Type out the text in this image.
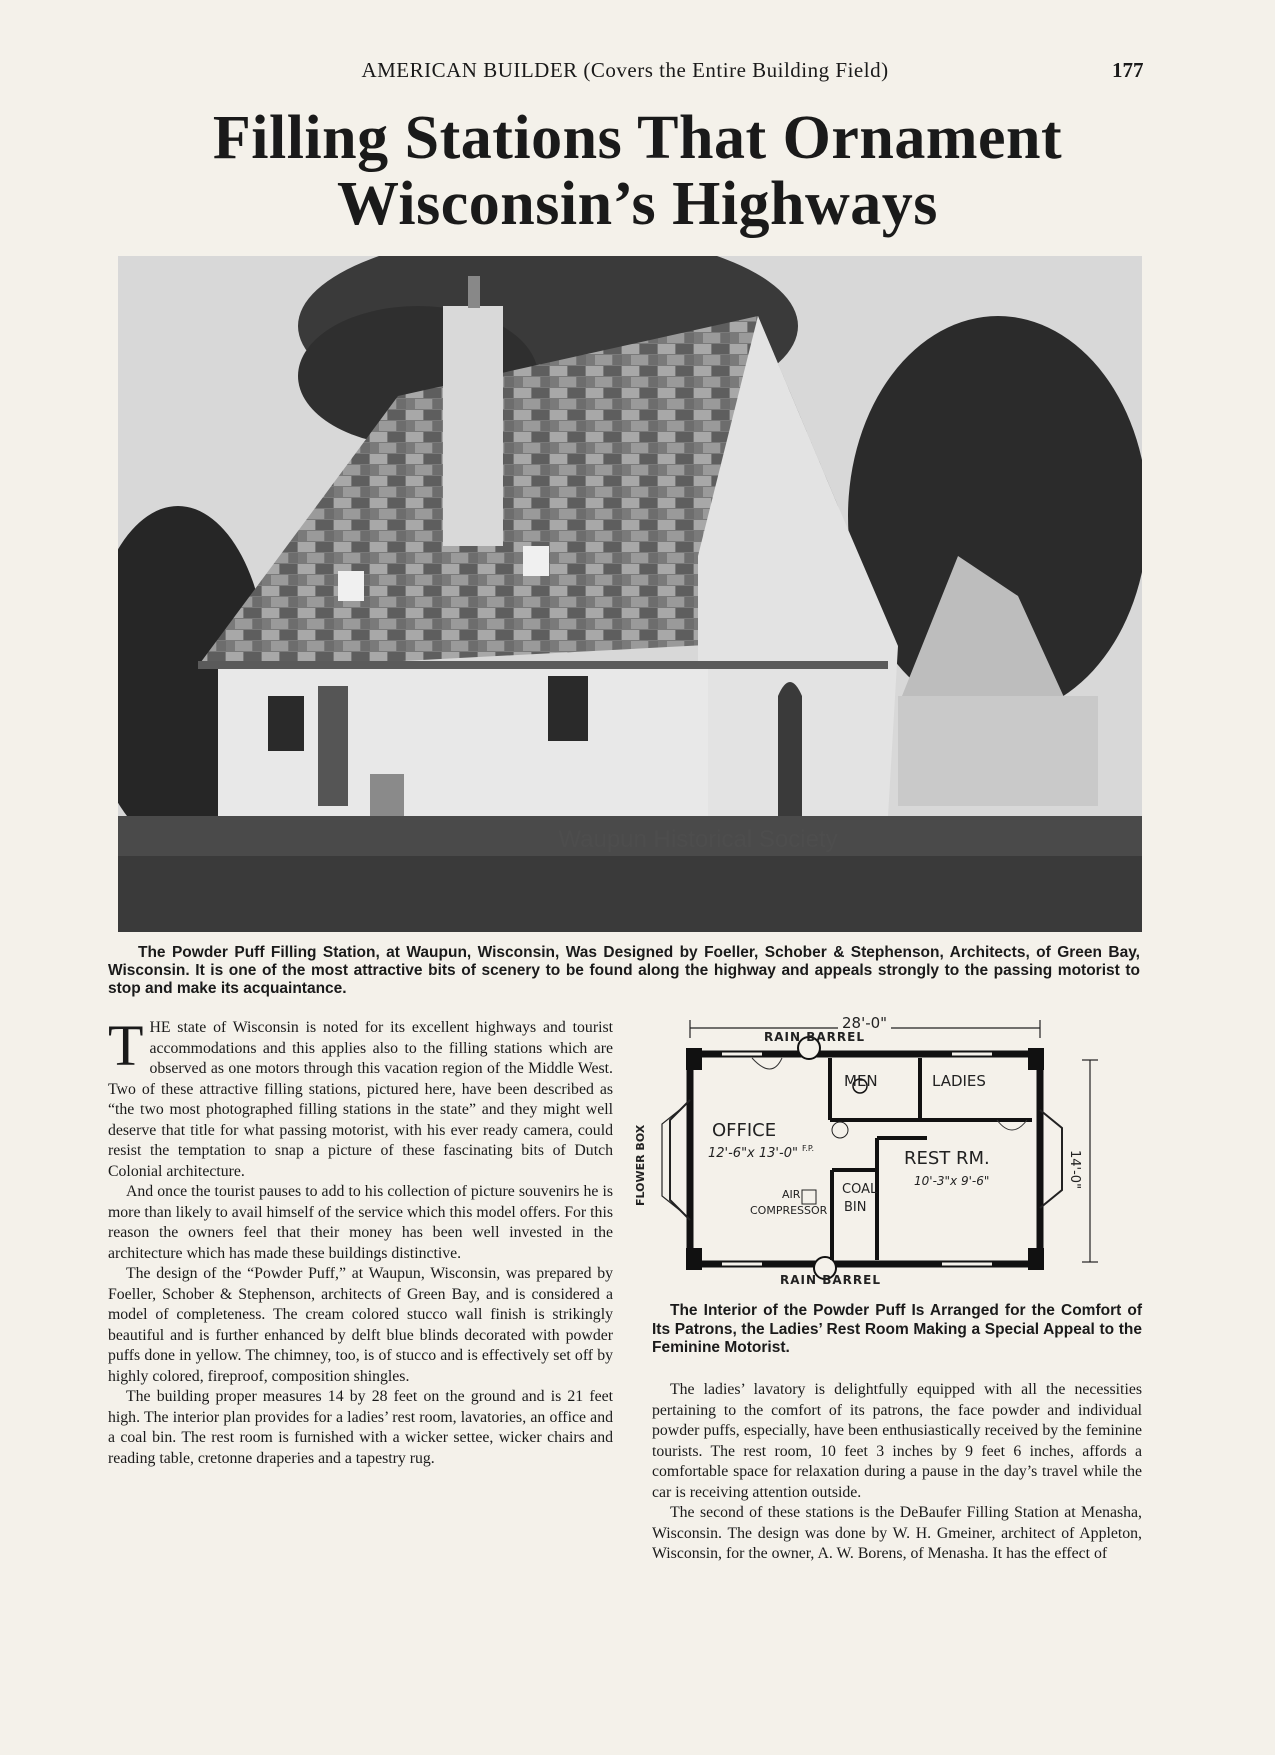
AMERICAN BUILDER (Covers the Entire Building Field)	177
Filling Stations That Ornament
Wisconsin’s Highways
Waupun Historical Society

The Powder Puff Filling Station, at Waupun, Wisconsin, Was Designed by Foeller, Schober & Stephenson, Architects, of Green Bay, Wisconsin. It is one of the most attractive bits of scenery to be found along the highway and appeals strongly to the passing motorist to stop and make its acquaintance.

THE state of Wisconsin is noted for its excellent highways and tourist accommodations and this applies also to the filling stations which are observed as one motors through this vacation region of the Middle West. Two of these attractive filling stations, pictured here, have been described as “the two most photographed filling stations in the state” and they might well deserve that title for what passing motorist, with his ever ready camera, could resist the temptation to snap a picture of these fascinating bits of Dutch Colonial architecture.

And once the tourist pauses to add to his collection of picture souvenirs he is more than likely to avail himself of the service which this model offers. For this reason the owners feel that their money has been well invested in the architecture which has made these buildings distinctive.

The design of the “Powder Puff,” at Waupun, Wisconsin, was prepared by Foeller, Schober & Stephenson, architects of Green Bay, and is considered a model of completeness. The cream colored stucco wall finish is strikingly beautiful and is further enhanced by delft blue blinds decorated with powder puffs done in yellow. The chimney, too, is of stucco and is effectively set off by highly colored, fireproof, composition shingles.

The building proper measures 14 by 28 feet on the ground and is 21 feet high. The interior plan provides for a ladies’ rest room, lavatories, an office and a coal bin. The rest room is furnished with a wicker settee, wicker chairs and reading table, cretonne draperies and a tapestry rug.

28'-0"
14'-0"
RAIN BARREL
RAIN BARREL
FLOWER BOX
MEN	LADIES
OFFICE
12'-6"x 13'-0"	REST RM.
10'-3"x 9'-6"
COAL
BIN
AIR
COMPRESSOR
F.P.

The Interior of the Powder Puff Is Arranged for the Comfort of Its Patrons, the Ladies’ Rest Room Making a Special Appeal to the Feminine Motorist.

The ladies’ lavatory is delightfully equipped with all the necessities pertaining to the comfort of its patrons, the face powder and individual powder puffs, especially, have been enthusiastically received by the feminine tourists. The rest room, 10 feet 3 inches by 9 feet 6 inches, affords a comfortable space for relaxation during a pause in the day’s travel while the car is receiving attention outside.

The second of these stations is the DeBaufer Filling Station at Menasha, Wisconsin. The design was done by W. H. Gmeiner, architect of Appleton, Wisconsin, for the owner, A. W. Borens, of Menasha. It has the effect of
